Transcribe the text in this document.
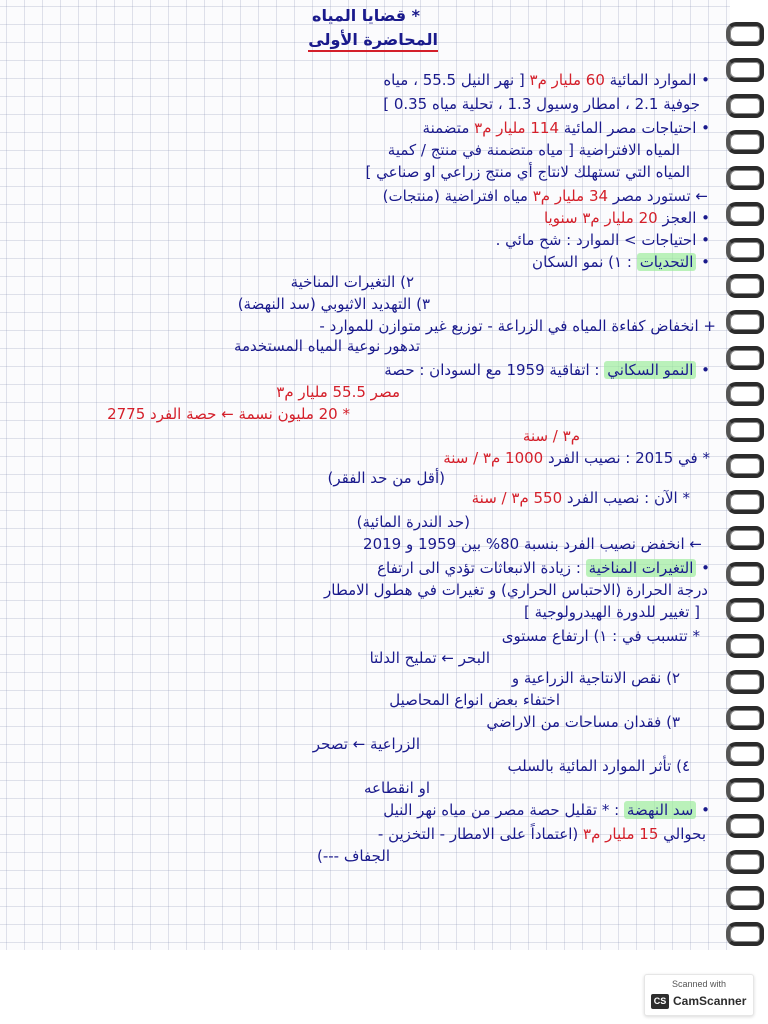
* قضايا المياه
المحاضرة الأولى
• الموارد المائية 60 مليار م٣ [ نهر النيل 55.5 ، مياه
جوفية 2.1 ، امطار وسيول 1.3 ، تحلية مياه 0.35 ]
• احتياجات مصر المائية 114 مليار م٣ متضمنة
المياه الافتراضية [ مياه متضمنة في منتج / كمية
المياه التي تستهلك لانتاج أي منتج زراعي او صناعي ]
← تستورد مصر 34 مليار م٣ مياه افتراضية (منتجات)
• العجز 20 مليار م٣ سنويا
• احتياجات > الموارد : شح مائي .
• التحديات : ١) نمو السكان
٢) التغيرات المناخية
٣) التهديد الاثيوبي (سد النهضة)
+ انخفاض كفاءة المياه في الزراعة - توزيع غير متوازن للموارد -
تدهور نوعية المياه المستخدمة
• النمو السكاني : اتفاقية 1959 مع السودان : حصة
مصر 55.5 مليار م٣
* 20 مليون نسمة ← حصة الفرد 2775
م٣ / سنة
* في 2015 : نصيب الفرد 1000 م٣ / سنة
(أقل من حد الفقر)
* الآن : نصيب الفرد 550 م٣ / سنة
(حد الندرة المائية)
← انخفض نصيب الفرد بنسبة 80% بين 1959 و 2019
• التغيرات المناخية : زيادة الانبعاثات تؤدي الى ارتفاع
درجة الحرارة (الاحتباس الحراري) و تغيرات في هطول الامطار
[ تغيير للدورة الهيدرولوجية ]
* تتسبب في : ١) ارتفاع مستوى
البحر ← تمليح الدلتا
٢) نقص الانتاجية الزراعية و
اختفاء بعض انواع المحاصيل
٣) فقدان مساحات من الاراضي
الزراعية ← تصحر
٤) تأثر الموارد المائية بالسلب
او انقطاعه
• سد النهضة : * تقليل حصة مصر من مياه نهر النيل
بحوالي 15 مليار م٣ (اعتماداً على الامطار - التخزين -
الجفاف ---)
Scanned with
CS CamScanner
